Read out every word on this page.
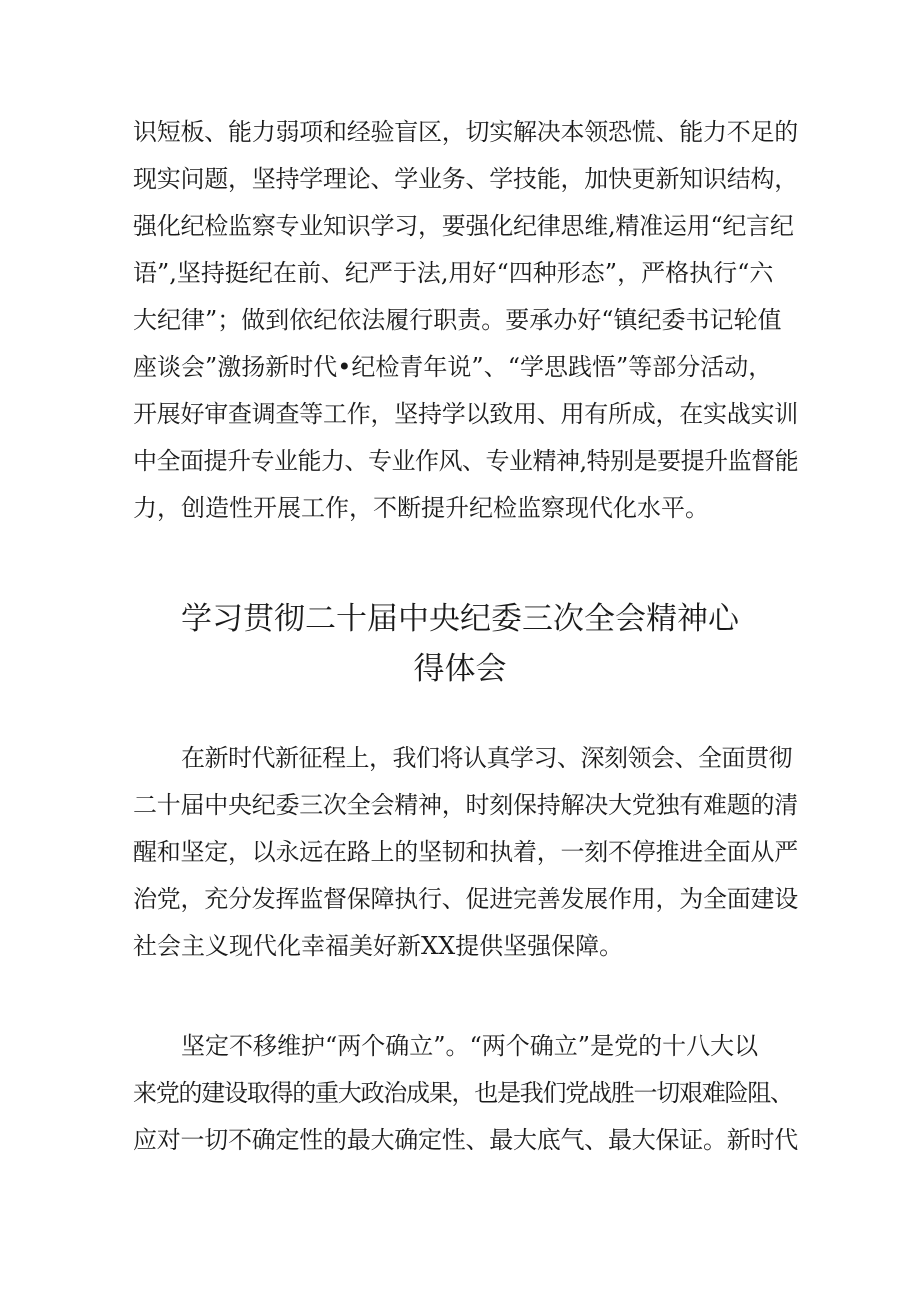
识短板、能力弱项和经验盲区，切实解决本领恐慌、能力不足的
现实问题，坚持学理论、学业务、学技能，加快更新知识结构，
强化纪检监察专业知识学习，要强化纪律思维,精准运用“纪言纪
语”,坚持挺纪在前、纪严于法,用好“四种形态”，严格执行“六
大纪律”；做到依纪依法履行职责。要承办好“镇纪委书记轮值
座谈会”激扬新时代•纪检青年说”、“学思践悟”等部分活动，
开展好审查调查等工作，坚持学以致用、用有所成，在实战实训
中全面提升专业能力、专业作风、专业精神,特别是要提升监督能
力，创造性开展工作，不断提升纪检监察现代化水平。
学习贯彻二十届中央纪委三次全会精神心
得体会
在新时代新征程上，我们将认真学习、深刻领会、全面贯彻
二十届中央纪委三次全会精神，时刻保持解决大党独有难题的清
醒和坚定，以永远在路上的坚韧和执着，一刻不停推进全面从严
治党，充分发挥监督保障执行、促进完善发展作用，为全面建设
社会主义现代化幸福美好新XX提供坚强保障。
坚定不移维护“两个确立”。“两个确立”是党的十八大以
来党的建设取得的重大政治成果，也是我们党战胜一切艰难险阻、
应对一切不确定性的最大确定性、最大底气、最大保证。新时代
